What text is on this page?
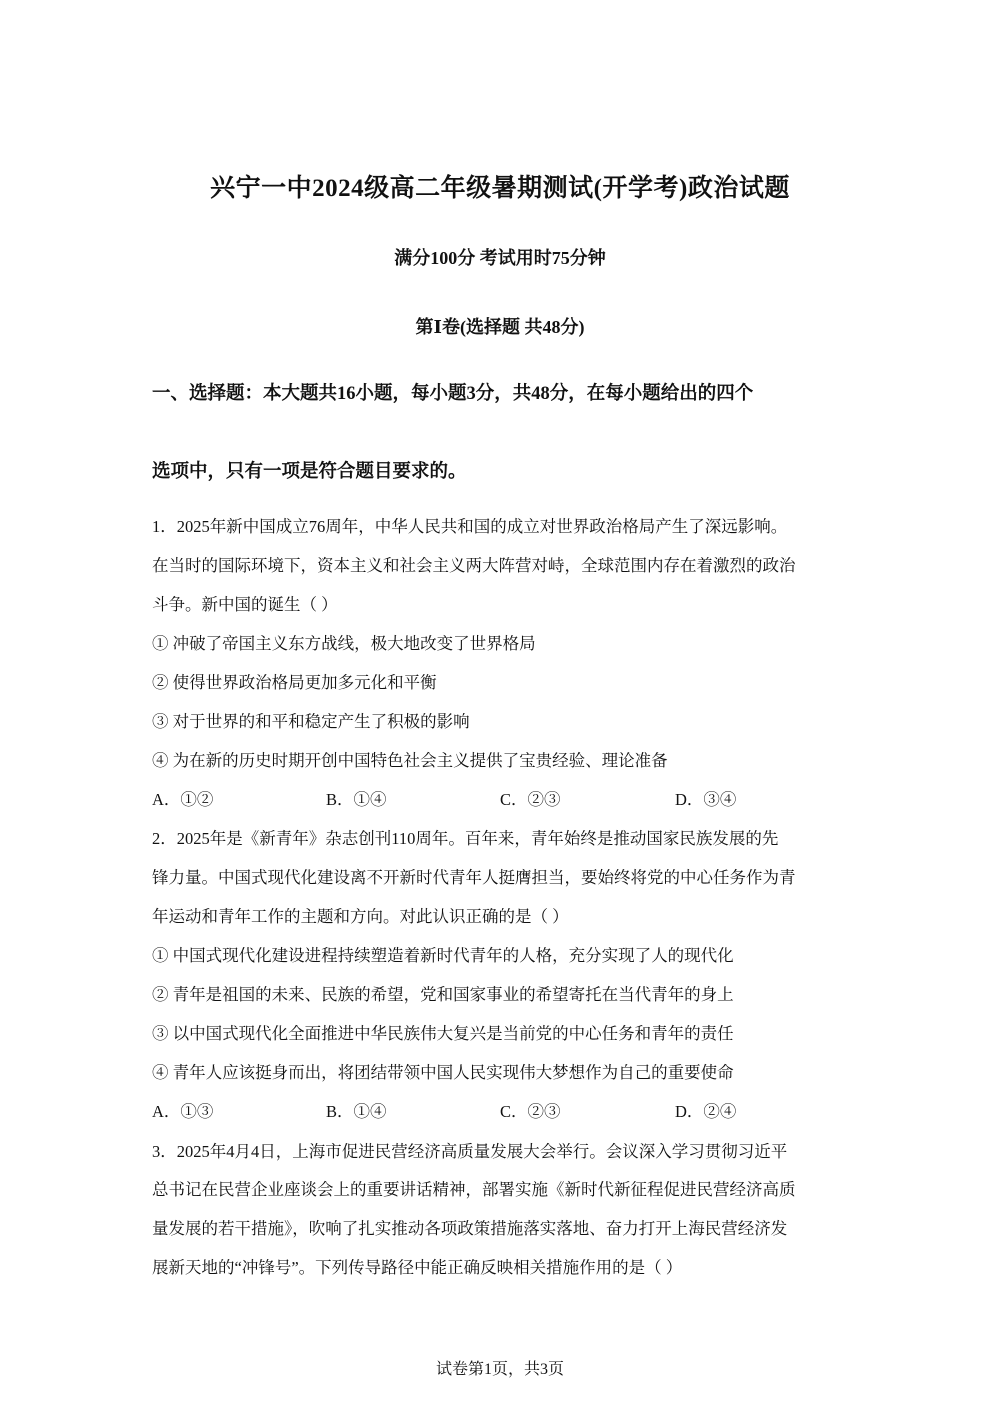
兴宁一中2024级高二年级暑期测试(开学考)政治试题
满分100分 考试用时75分钟
第Ⅰ卷(选择题 共48分)
一、选择题：本大题共16小题，每小题3分，共48分，在每小题给出的四个
选项中，只有一项是符合题目要求的。
1．2025年新中国成立76周年，中华人民共和国的成立对世界政治格局产生了深远影响。
在当时的国际环境下，资本主义和社会主义两大阵营对峙，全球范围内存在着激烈的政治
斗争。新中国的诞生（ ）
① 冲破了帝国主义东方战线，极大地改变了世界格局
② 使得世界政治格局更加多元化和平衡
③ 对于世界的和平和稳定产生了积极的影响
④ 为在新的历史时期开创中国特色社会主义提供了宝贵经验、理论准备
A．①②	B．①④	C．②③	D．③④
2．2025年是《新青年》杂志创刊110周年。百年来，青年始终是推动国家民族发展的先
锋力量。中国式现代化建设离不开新时代青年人挺膺担当，要始终将党的中心任务作为青
年运动和青年工作的主题和方向。对此认识正确的是（ ）
① 中国式现代化建设进程持续塑造着新时代青年的人格，充分实现了人的现代化
② 青年是祖国的未来、民族的希望，党和国家事业的希望寄托在当代青年的身上
③ 以中国式现代化全面推进中华民族伟大复兴是当前党的中心任务和青年的责任
④ 青年人应该挺身而出，将团结带领中国人民实现伟大梦想作为自己的重要使命
A．①③	B．①④	C．②③	D．②④
3．2025年4月4日，上海市促进民营经济高质量发展大会举行。会议深入学习贯彻习近平
总书记在民营企业座谈会上的重要讲话精神，部署实施《新时代新征程促进民营经济高质
量发展的若干措施》，吹响了扎实推动各项政策措施落实落地、奋力打开上海民营经济发
展新天地的“冲锋号”。下列传导路径中能正确反映相关措施作用的是（ ）
试卷第1页，共3页
